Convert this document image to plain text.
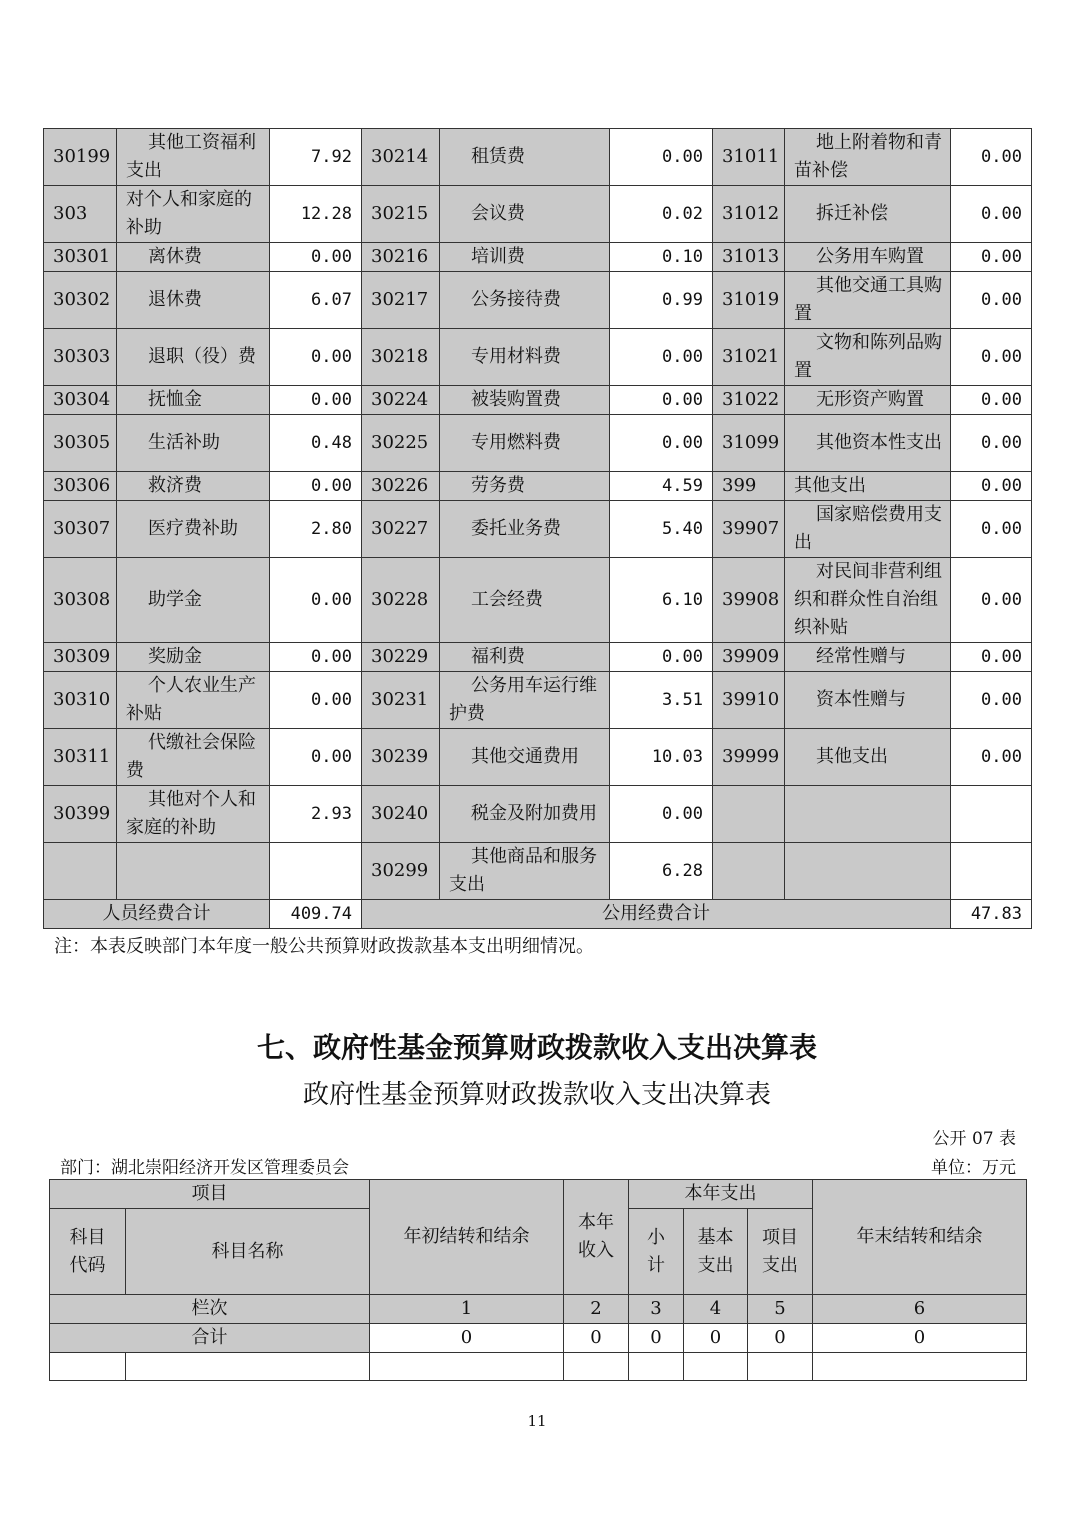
30199	其他工资福利支出	7.92	30214	租赁费	0.00	31011	地上附着物和青苗补偿	0.00
303	对个人和家庭的补助	12.28	30215	会议费	0.02	31012	拆迁补偿	0.00
30301	离休费	0.00	30216	培训费	0.10	31013	公务用车购置	0.00
30302	退休费	6.07	30217	公务接待费	0.99	31019	其他交通工具购置	0.00
30303	退职（役）费	0.00	30218	专用材料费	0.00	31021	文物和陈列品购置	0.00
30304	抚恤金	0.00	30224	被装购置费	0.00	31022	无形资产购置	0.00
30305	生活补助	0.48	30225	专用燃料费	0.00	31099	其他资本性支出	0.00
30306	救济费	0.00	30226	劳务费	4.59	399	其他支出	0.00
30307	医疗费补助	2.80	30227	委托业务费	5.40	39907	国家赔偿费用支出	0.00
30308	助学金	0.00	30228	工会经费	6.10	39908	对民间非营利组织和群众性自治组织补贴	0.00
30309	奖励金	0.00	30229	福利费	0.00	39909	经常性赠与	0.00
30310	个人农业生产补贴	0.00	30231	公务用车运行维护费	3.51	39910	资本性赠与	0.00
30311	代缴社会保险费	0.00	30239	其他交通费用	10.03	39999	其他支出	0.00
30399	其他对个人和家庭的补助	2.93	30240	税金及附加费用	0.00			
			30299	其他商品和服务支出	6.28			
人员经费合计		409.74	公用经费合计					47.83
注：本表反映部门本年度一般公共预算财政拨款基本支出明细情况。
七、政府性基金预算财政拨款收入支出决算表
政府性基金预算财政拨款收入支出决算表
公开 07 表
部门：湖北崇阳经济开发区管理委员会	单位：万元
项目		年初结转和结余	本年收入	本年支出			年末结转和结余
科目代码	科目名称			小计	基本支出	项目支出	
栏次		1	2	3	4	5	6
合计		0	0	0	0	0	0

11
